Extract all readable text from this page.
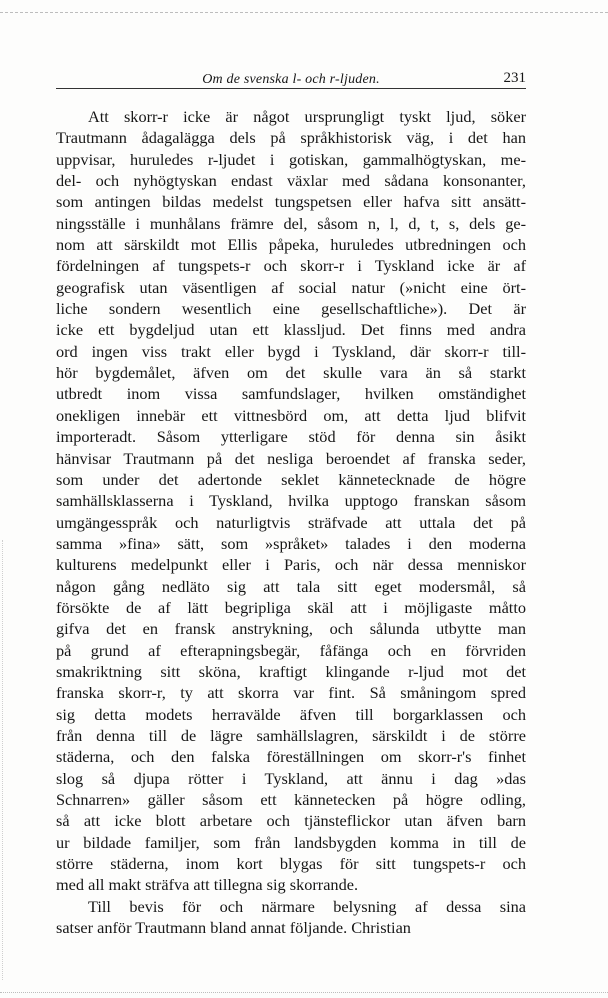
Om de svenska l- och r-ljuden.	231
Att skorr-r icke är något ursprungligt tyskt ljud, söker
Trautmann ådagalägga dels på språkhistorisk väg, i det han
uppvisar, huruledes r-ljudet i gotiskan, gammalhögtyskan, me-
del- och nyhögtyskan endast växlar med sådana konsonanter,
som antingen bildas medelst tungspetsen eller hafva sitt ansätt-
ningsställe i munhålans främre del, såsom n, l, d, t, s, dels ge-
nom att särskildt mot Ellis påpeka, huruledes utbredningen och
fördelningen af tungspets-r och skorr-r i Tyskland icke är af
geografisk utan väsentligen af social natur (»nicht eine ört-
liche sondern wesentlich eine gesellschaftliche»). Det är
icke ett bygdeljud utan ett klassljud. Det finns med andra
ord ingen viss trakt eller bygd i Tyskland, där skorr-r till-
hör bygdemålet, äfven om det skulle vara än så starkt
utbredt inom vissa samfundslager, hvilken omständighet
onekligen innebär ett vittnesbörd om, att detta ljud blifvit
importeradt. Såsom ytterligare stöd för denna sin åsikt
hänvisar Trautmann på det nesliga beroendet af franska seder,
som under det adertonde seklet kännetecknade de högre
samhällsklasserna i Tyskland, hvilka upptogo franskan såsom
umgängesspråk och naturligtvis sträfvade att uttala det på
samma »fina» sätt, som »språket» talades i den moderna
kulturens medelpunkt eller i Paris, och när dessa menniskor
någon gång nedläto sig att tala sitt eget modersmål, så
försökte de af lätt begripliga skäl att i möjligaste måtto
gifva det en fransk anstrykning, och sålunda utbytte man
på grund af efterapningsbegär, fåfänga och en förvriden
smakriktning sitt sköna, kraftigt klingande r-ljud mot det
franska skorr-r, ty att skorra var fint. Så småningom spred
sig detta modets herravälde äfven till borgarklassen och
från denna till de lägre samhällslagren, särskildt i de större
städerna, och den falska föreställningen om skorr-r's finhet
slog så djupa rötter i Tyskland, att ännu i dag »das
Schnarren» gäller såsom ett kännetecken på högre odling,
så att icke blott arbetare och tjänsteflickor utan äfven barn
ur bildade familjer, som från landsbygden komma in till de
större städerna, inom kort blygas för sitt tungspets-r och
med all makt sträfva att tillegna sig skorrande.
Till bevis för och närmare belysning af dessa sina
satser anför Trautmann bland annat följande. Christian
